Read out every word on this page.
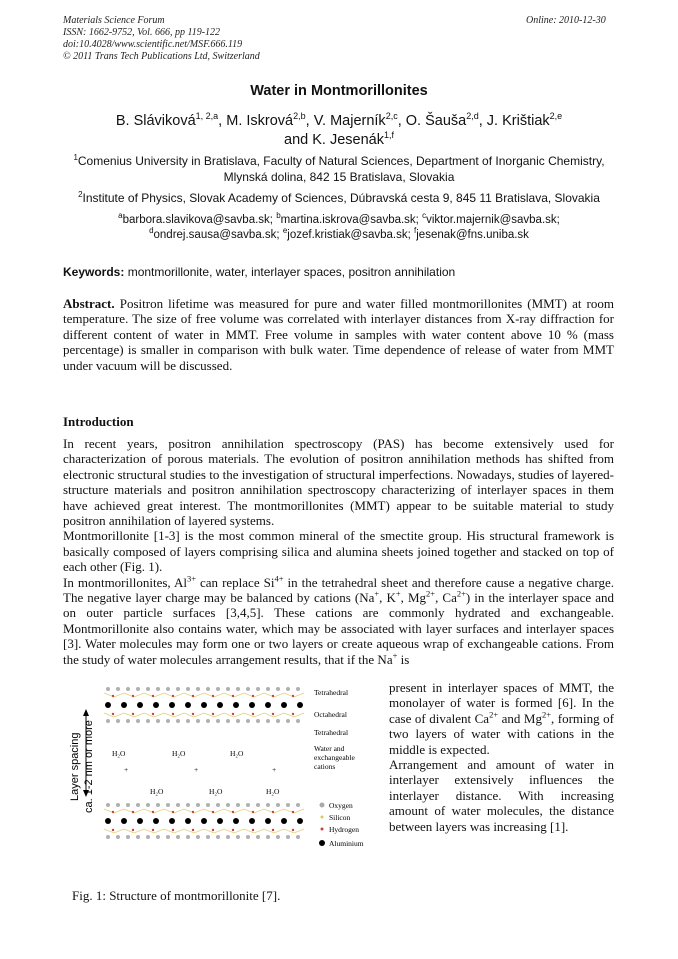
Materials Science Forum
ISSN: 1662-9752, Vol. 666, pp 119-122
doi:10.4028/www.scientific.net/MSF.666.119
© 2011 Trans Tech Publications Ltd, Switzerland
Online: 2010-12-30
Water in Montmorillonites
B. Sláviková$^{1, 2,a}$, M. Iskrová$^{2,b}$, V. Majerník$^{2,c}$, O. Šauša$^{2,d}$, J. Krištiak$^{2,e}$
and K. Jesenák$^{1,f}$
$^1$Comenius University in Bratislava, Faculty of Natural Sciences, Department of Inorganic Chemistry, Mlynská dolina, 842 15 Bratislava, Slovakia
$^2$Institute of Physics, Slovak Academy of Sciences, Dúbravská cesta 9, 845 11 Bratislava, Slovakia
$^a$barbora.slavikova@savba.sk; $^b$martina.iskrova@savba.sk; $^c$viktor.majernik@savba.sk;
$^d$ondrej.sausa@savba.sk; $^e$jozef.kristiak@savba.sk; $^f$jesenak@fns.uniba.sk
Keywords: montmorillonite, water, interlayer spaces, positron annihilation
Abstract. Positron lifetime was measured for pure and water filled montmorillonites (MMT) at room temperature. The size of free volume was correlated with interlayer distances from X-ray diffraction for different content of water in MMT. Free volume in samples with water content above 10 % (mass percentage) is smaller in comparison with bulk water. Time dependence of release of water from MMT under vacuum will be discussed.
Introduction
In recent years, positron annihilation spectroscopy (PAS) has become extensively used for characterization of porous materials. The evolution of positron annihilation methods has shifted from electronic structural studies to the investigation of structural imperfections. Nowadays, studies of layered-structure materials and positron annihilation spectroscopy characterizing of interlayer spaces in them have achieved great interest. The montmorillonites (MMT) appear to be suitable material to study positron annihilation of layered systems.
Montmorillonite [1-3] is the most common mineral of the smectite group. His structural framework is basically composed of layers comprising silica and alumina sheets joined together and stacked on top of each other (Fig. 1).
In montmorillonites, $Al^{3+}$ can replace $Si^{4+}$ in the tetrahedral sheet and therefore cause a negative charge. The negative layer charge may be balanced by cations (Na+, K+, $Mg^{2+}$, $Ca^{2+}$) in the interlayer space and on outer particle surfaces [3,4,5]. These cations are commonly hydrated and exchangeable. Montmorillonite also contains water, which may be associated with layer surfaces and interlayer spaces [3]. Water molecules may form one or two layers or create aqueous wrap of exchangeable cations. From the study of water molecules arrangement results, that if the Na+ is
present in interlayer spaces of MMT, the monolayer of water is formed [6]. In the case of divalent $Ca^{2+}$ and $Mg^{2+}$, forming of two layers of water with cations in the middle is expected.
Arrangement and amount of water in interlayer extensively influences the interlayer distance. With increasing amount of water molecules, the distance between layers was increasing [1].
Layer spacing ca. 1-2 nm or more
Tetrahedral
Octahedral
Tetrahedral
Water and
exchangeable
cations
H₂O	H₂O	H₂O
+	+	+
H₂O	H₂O	H₂O
Oxygen
Silicon
Hydrogen
Aluminium
Fig. 1: Structure of montmorillonite [7].
